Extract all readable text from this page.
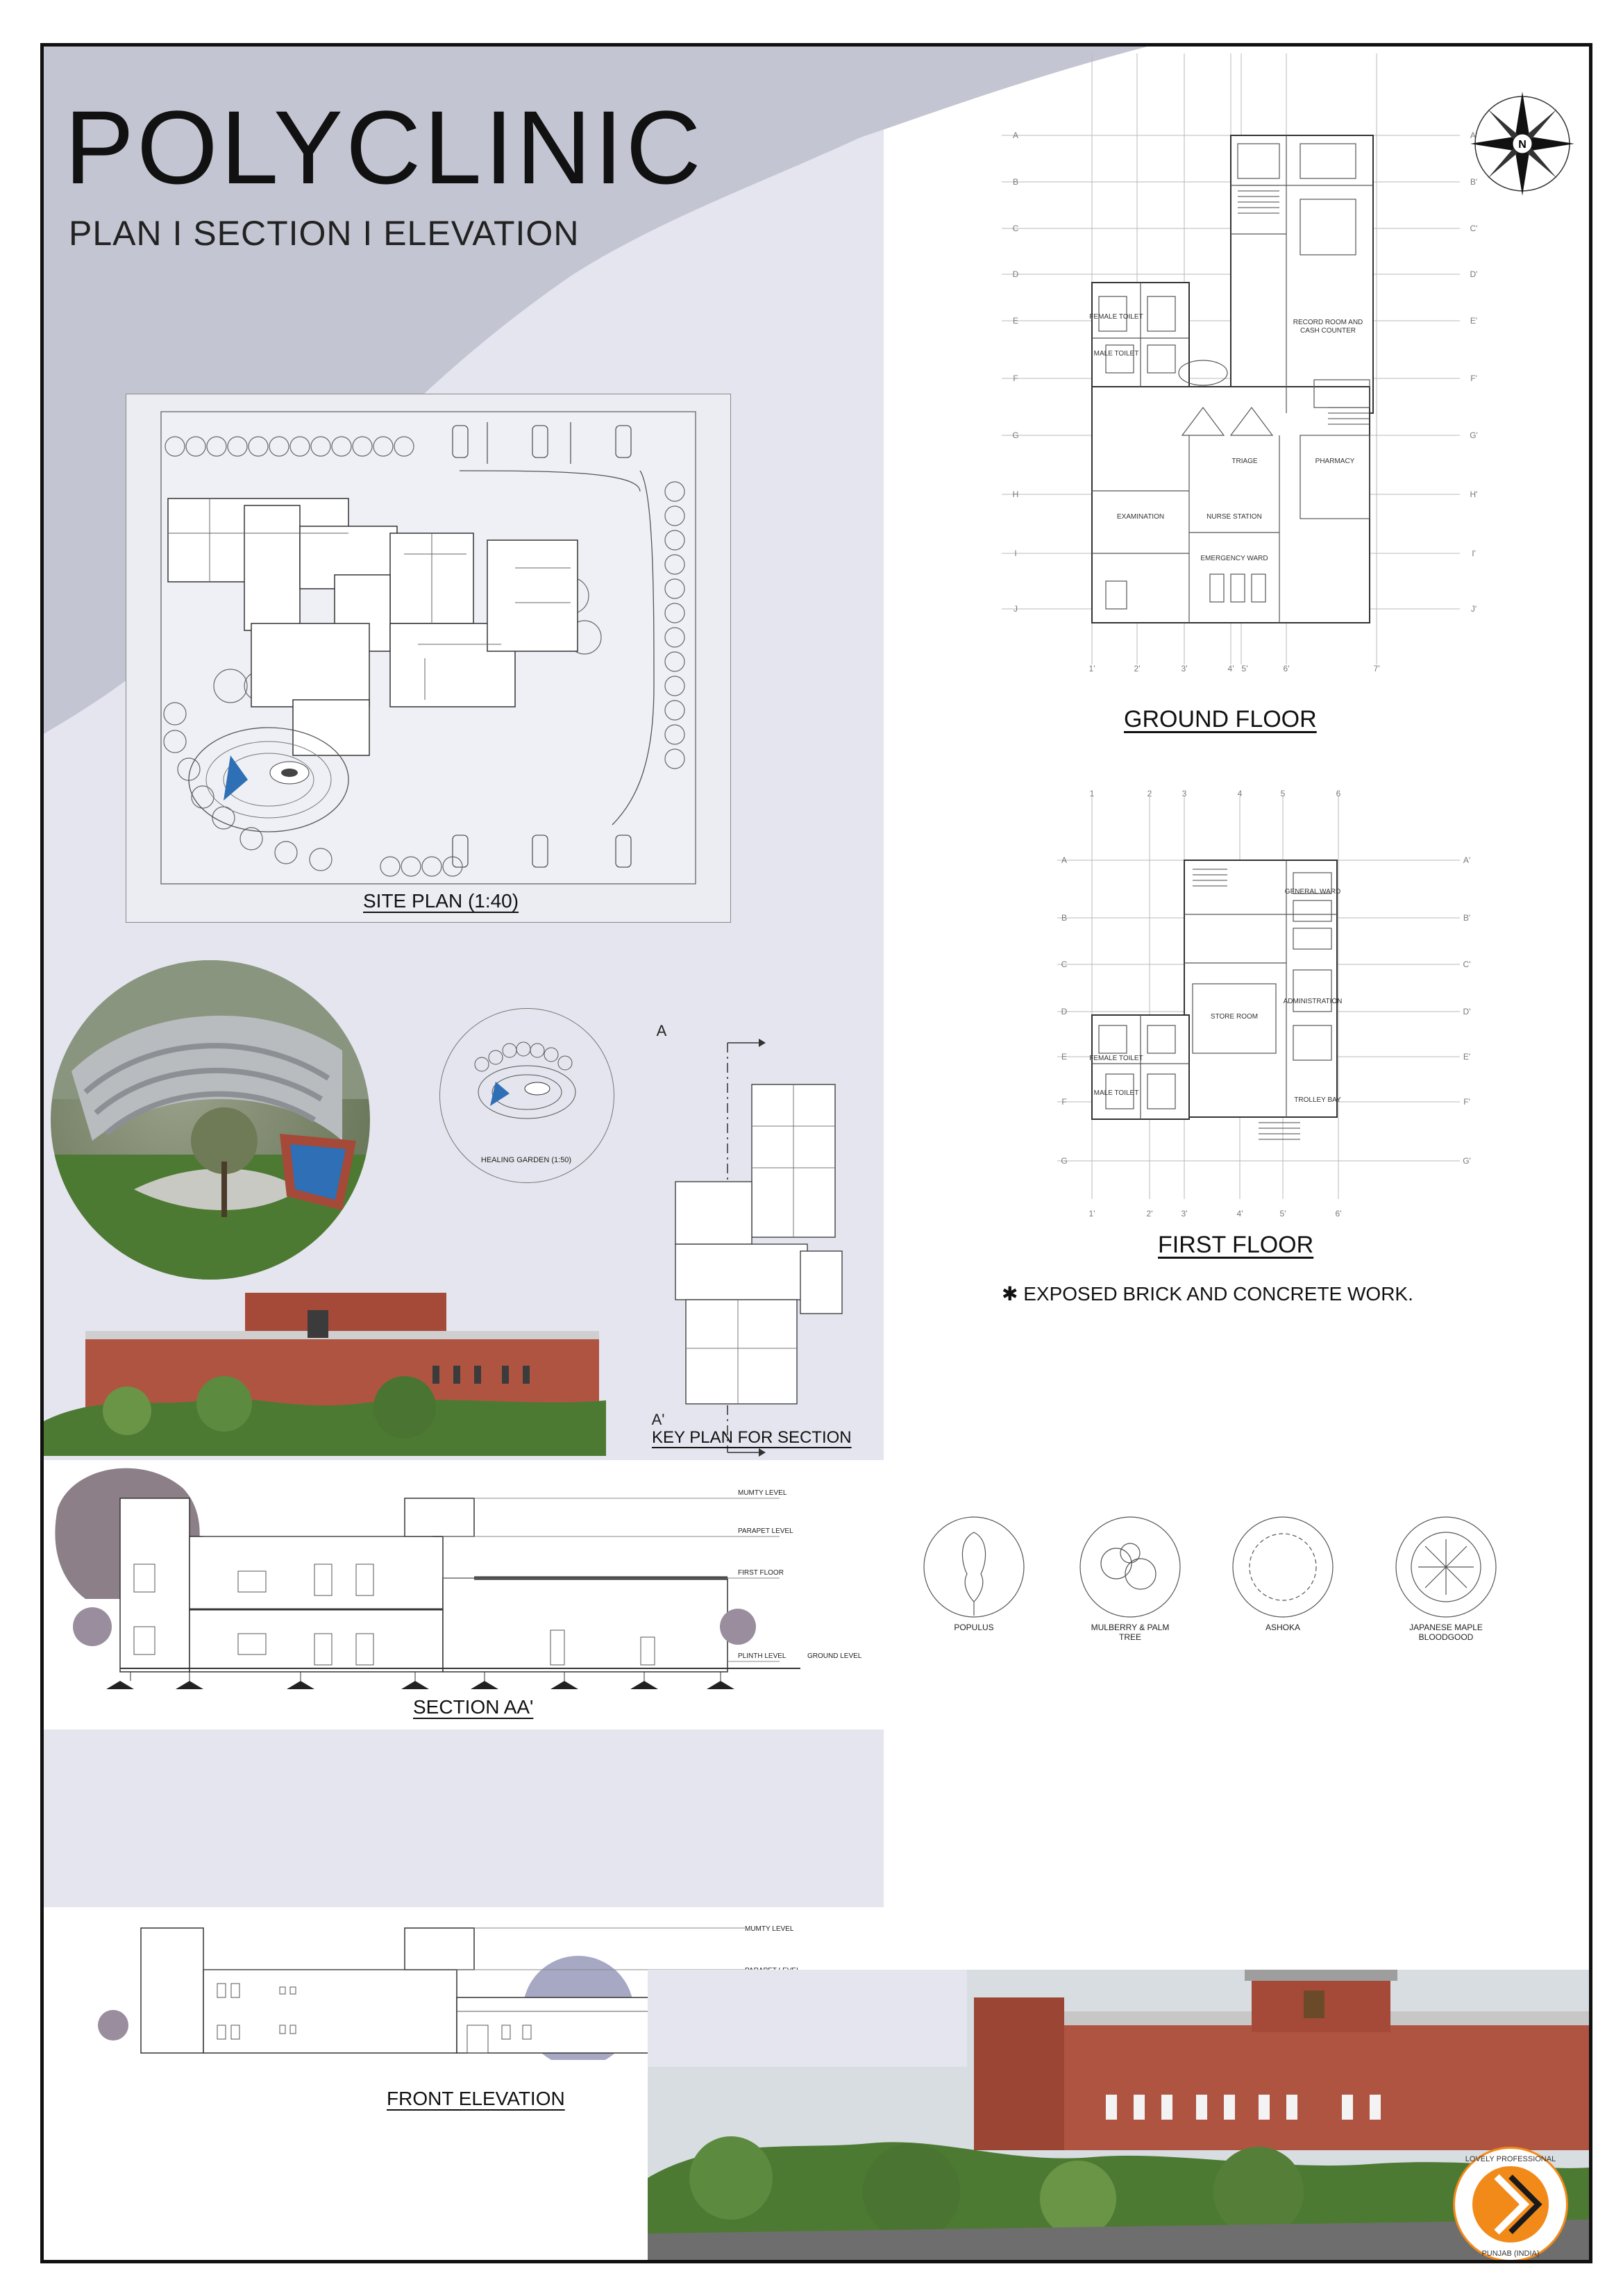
POLYCLINIC
PLAN I SECTION I ELEVATION
SITE PLAN (1:40)
HEALING GARDEN (1:50)
A
A'
KEY PLAN FOR SECTION
MUMTY LEVEL
PARAPET LEVEL
FIRST FLOOR
PLINTH LEVEL	GROUND LEVEL
SECTION AA'
MUMTY LEVEL
FRONT ELEVATION
LOVELY PROFESSIONAL
PUNJAB (INDIA)
FEMALE TOILET
MALE TOILET
RECORD ROOM AND
CASH COUNTER
TRIAGE	PHARMACY
NURSE STATION
EXAMINATION
EMERGENCY WARD
A
B
C
D
E
F
G
H
I
J
A'
B'
C'
D'
E'
F'
G'
H'
I'
J'
1'	2'	3'	4' 5'	6'	7'
GROUND FLOOR
GENERAL WARD
STORE ROOM
ADMINISTRATION
FEMALE TOILET
MALE TOILET
TROLLEY BAY
A
B
C
D
E
F
G
A'
B'
C'
D'
E'
F'
G'
1	2	3	4	5	6
1'	2'	3'	4'	5'	6'
FIRST FLOOR
✱ EXPOSED BRICK AND CONCRETE WORK.
POPULUS	MULBERRY & PALM TREE
ASHOKA	JAPANESE MAPLE BLOODGOOD
N
